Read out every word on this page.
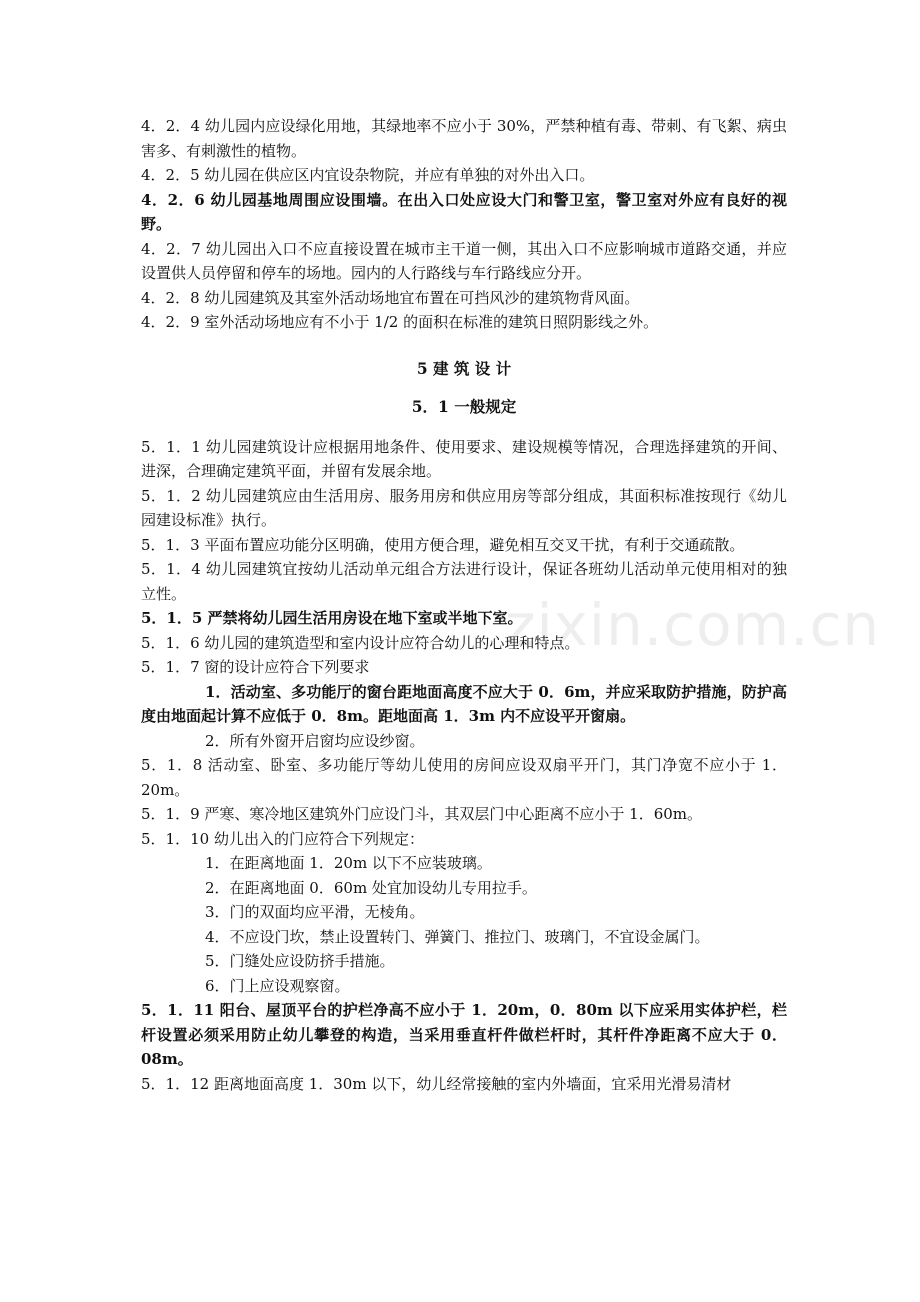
zixin.com.cn

4．2．4 幼儿园内应设绿化用地，其绿地率不应小于 30%，严禁种植有毒、带刺、有飞絮、病虫害多、有刺激性的植物。

4．2．5 幼儿园在供应区内宜设杂物院，并应有单独的对外出入口。

4．2．6 幼儿园基地周围应设围墙。在出入口处应设大门和警卫室，警卫室对外应有良好的视野。

4．2．7 幼儿园出入口不应直接设置在城市主干道一侧，其出入口不应影响城市道路交通，并应设置供人员停留和停车的场地。园内的人行路线与车行路线应分开。

4．2．8 幼儿园建筑及其室外活动场地宜布置在可挡风沙的建筑物背风面。

4．2．9 室外活动场地应有不小于 1/2 的面积在标准的建筑日照阴影线之外。

5 建 筑 设 计
5．1 一般规定

5．1．1 幼儿园建筑设计应根据用地条件、使用要求、建设规模等情况，合理选择建筑的开间、进深，合理确定建筑平面，并留有发展余地。

5．1．2 幼儿园建筑应由生活用房、服务用房和供应用房等部分组成，其面积标准按现行《幼儿园建设标准》执行。

5．1．3 平面布置应功能分区明确，使用方便合理，避免相互交叉干扰，有利于交通疏散。

5．1．4 幼儿园建筑宜按幼儿活动单元组合方法进行设计，保证各班幼儿活动单元使用相对的独立性。

5．1．5 严禁将幼儿园生活用房设在地下室或半地下室。

5．1．6 幼儿园的建筑造型和室内设计应符合幼儿的心理和特点。

5．1．7 窗的设计应符合下列要求

1．活动室、多功能厅的窗台距地面高度不应大于 0．6m，并应采取防护措施，防护高度由地面起计算不应低于 0．8m。距地面高 1．3m 内不应设平开窗扇。

2．所有外窗开启窗均应设纱窗。

5．1．8 活动室、卧室、多功能厅等幼儿使用的房间应设双扇平开门，其门净宽不应小于 1．20m。

5．1．9 严寒、寒冷地区建筑外门应设门斗，其双层门中心距离不应小于 1．60m。

5．1．10 幼儿出入的门应符合下列规定：

1．在距离地面 1．20m 以下不应装玻璃。

2．在距离地面 0．60m 处宜加设幼儿专用拉手。

3．门的双面均应平滑，无棱角。

4．不应设门坎，禁止设置转门、弹簧门、推拉门、玻璃门，不宜设金属门。

5．门缝处应设防挤手措施。

6．门上应设观察窗。

5．1．11 阳台、屋顶平台的护栏净高不应小于 1．20m，0．80m 以下应采用实体护栏，栏杆设置必须采用防止幼儿攀登的构造，当采用垂直杆件做栏杆时，其杆件净距离不应大于 0．08m。

5．1．12 距离地面高度 1．30m 以下，幼儿经常接触的室内外墙面，宜采用光滑易清材
